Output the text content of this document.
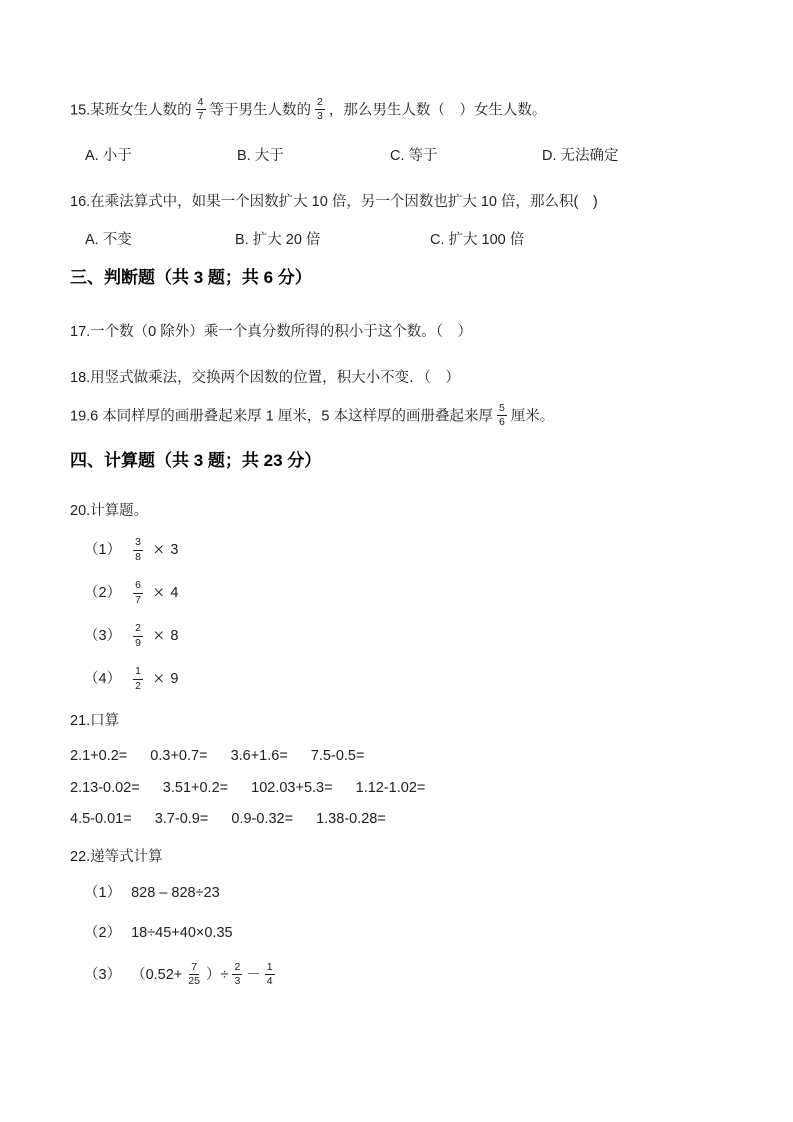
15.某班女生人数的 $\frac{4}{7}$ 等于男生人数的 $\frac{2}{3}$ ，那么男生人数（　）女生人数。
A. 小于	B. 大于	C. 等于	D. 无法确定
16.在乘法算式中，如果一个因数扩大 10 倍，另一个因数也扩大 10 倍，那么积(　)
A. 不变	B. 扩大 20 倍	C. 扩大 100 倍
三、判断题（共 3 题；共 6 分）
17.一个数（0 除外）乘一个真分数所得的积小于这个数。（　）
18.用竖式做乘法，交换两个因数的位置，积大小不变．（　）
19.6 本同样厚的画册叠起来厚 1 厘米，5 本这样厚的画册叠起来厚 $\frac{5}{6}$ 厘米。
四、计算题（共 3 题；共 23 分）
20.计算题。
$(1) \frac{3}{8} \times 3$
$(2) \frac{6}{7} \times 4$
$(3) \frac{2}{9} \times 8$
$(4) \frac{1}{2} \times 9$
21.口算
2.1+0.2= 0.3+0.7= 3.6+1.6= 7.5-0.5=
2.13-0.02= 3.51+0.2= 102.03+5.3= 1.12-1.02=
4.5-0.01= 3.7-0.9= 0.9-0.32= 1.38-0.28=
22.递等式计算
（1） 828 – 828÷23
（2） 18÷45+40×0.35
（3） （$0.52+ \frac{7}{25}$ ）÷ $\frac{2}{3} - \frac{1}{4}$
